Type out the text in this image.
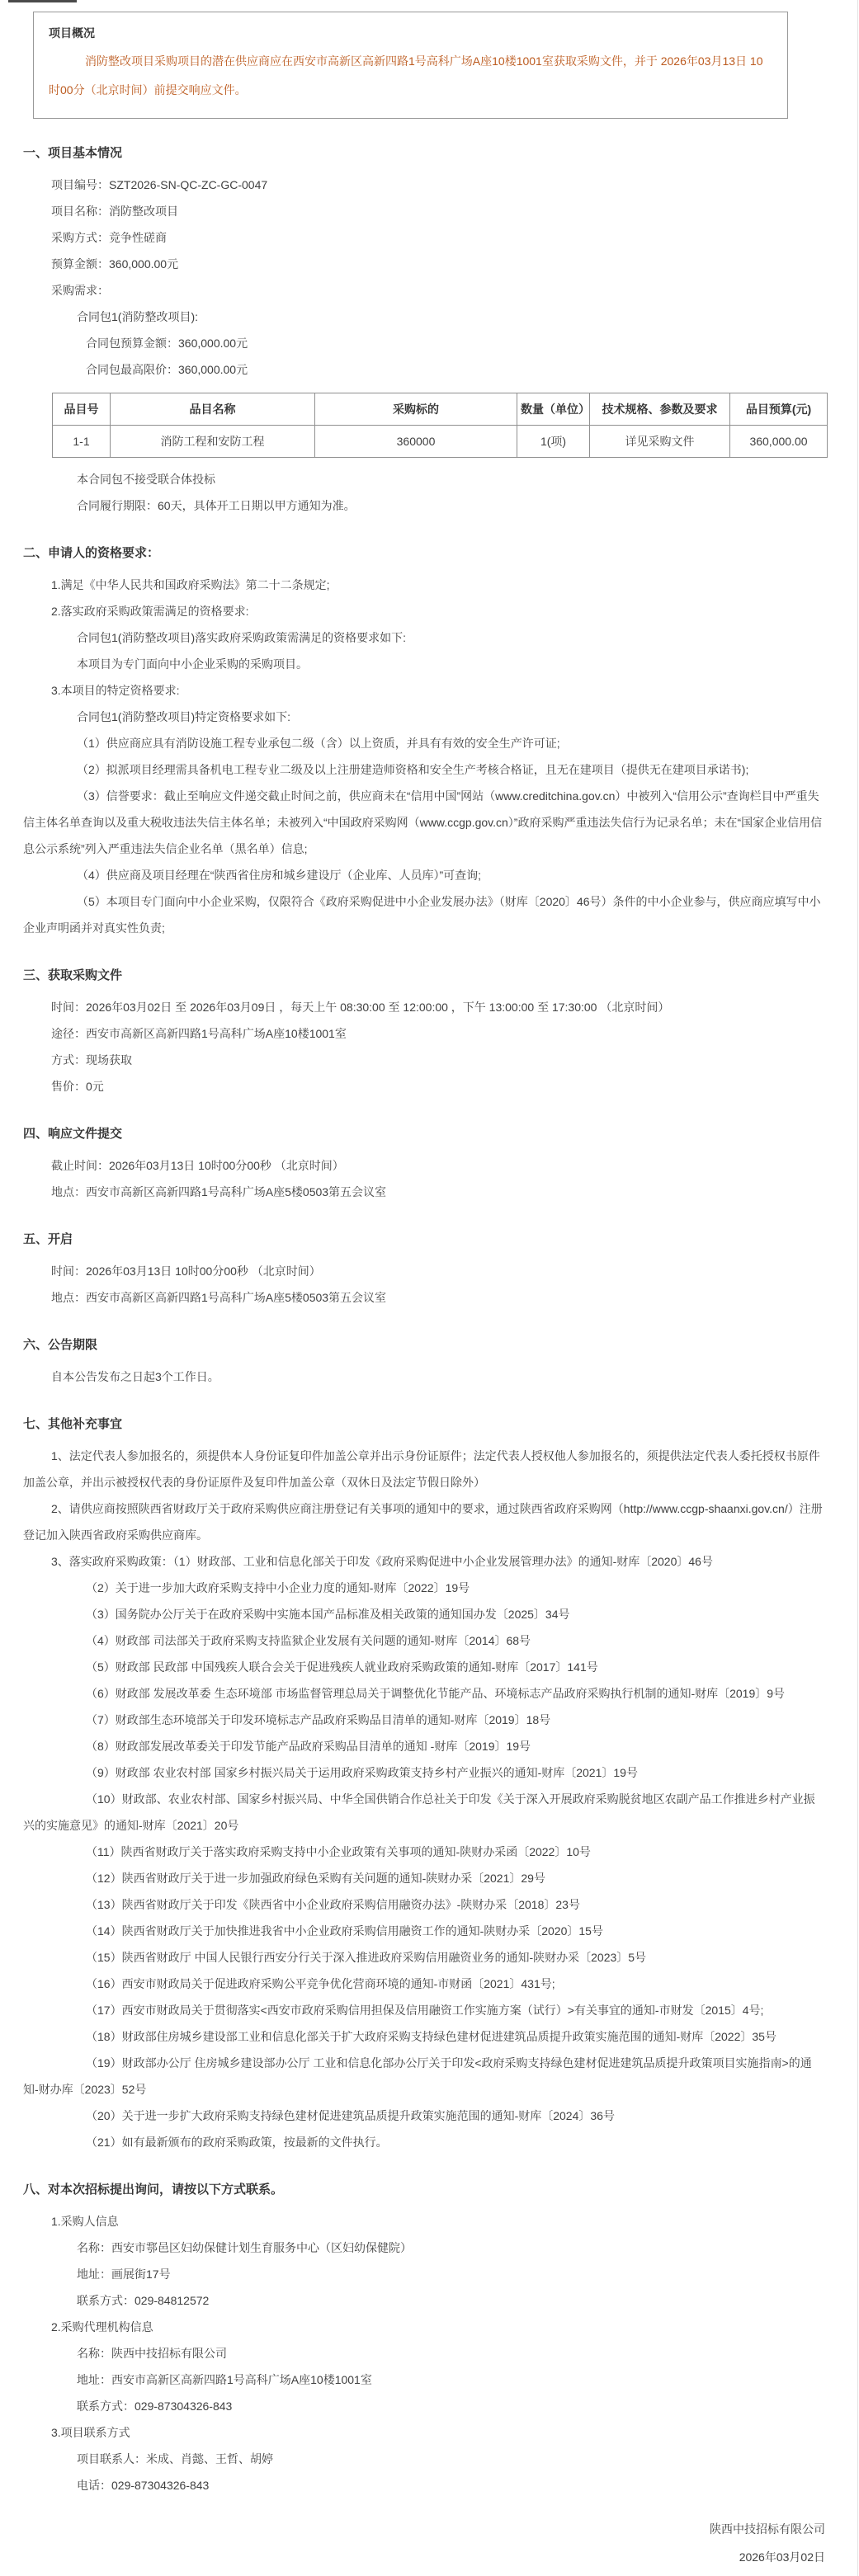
项目概况
消防整改项目采购项目的潜在供应商应在西安市高新区高新四路1号高科广场A座10楼1001室获取采购文件，并于 2026年03月13日 10时00分（北京时间）前提交响应文件。
一、项目基本情况
项目编号：SZT2026-SN-QC-ZC-GC-0047
项目名称：消防整改项目
采购方式：竞争性磋商
预算金额：360,000.00元
采购需求：
合同包1(消防整改项目):
合同包预算金额：360,000.00元
合同包最高限价：360,000.00元
品目号	品目名称	采购标的	数量（单位）	技术规格、参数及要求	品目预算(元)
1-1	消防工程和安防工程	360000	1(项)	详见采购文件	360,000.00
本合同包不接受联合体投标
合同履行期限：60天，具体开工日期以甲方通知为准。
二、申请人的资格要求：
1.满足《中华人民共和国政府采购法》第二十二条规定;
2.落实政府采购政策需满足的资格要求:
合同包1(消防整改项目)落实政府采购政策需满足的资格要求如下:
本项目为专门面向中小企业采购的采购项目。
3.本项目的特定资格要求:
合同包1(消防整改项目)特定资格要求如下:
（1）供应商应具有消防设施工程专业承包二级（含）以上资质，并具有有效的安全生产许可证;
（2）拟派项目经理需具备机电工程专业二级及以上注册建造师资格和安全生产考核合格证，且无在建项目（提供无在建项目承诺书);
（3）信誉要求：截止至响应文件递交截止时间之前，供应商未在“信用中国”网站（www.creditchina.gov.cn）中被列入“信用公示”查询栏目中严重失信主体名单查询以及重大税收违法失信主体名单；未被列入“中国政府采购网（www.ccgp.gov.cn）”政府采购严重违法失信行为记录名单；未在“国家企业信用信息公示系统”列入严重违法失信企业名单（黑名单）信息;
（4）供应商及项目经理在“陕西省住房和城乡建设厅（企业库、人员库）”可查询;
（5）本项目专门面向中小企业采购，仅限符合《政府采购促进中小企业发展办法》（财库〔2020〕46号）条件的中小企业参与，供应商应填写中小企业声明函并对真实性负责;
三、获取采购文件
时间：2026年03月02日 至 2026年03月09日 ，每天上午 08:30:00 至 12:00:00 ，下午 13:00:00 至 17:30:00 （北京时间）
途径：西安市高新区高新四路1号高科广场A座10楼1001室
方式：现场获取
售价：0元
四、响应文件提交
截止时间：2026年03月13日 10时00分00秒 （北京时间）
地点：西安市高新区高新四路1号高科广场A座5楼0503第五会议室
五、开启
时间：2026年03月13日 10时00分00秒 （北京时间）
地点：西安市高新区高新四路1号高科广场A座5楼0503第五会议室
六、公告期限
自本公告发布之日起3个工作日。
七、其他补充事宜
1、法定代表人参加报名的，须提供本人身份证复印件加盖公章并出示身份证原件；法定代表人授权他人参加报名的，须提供法定代表人委托授权书原件加盖公章，并出示被授权代表的身份证原件及复印件加盖公章（双休日及法定节假日除外）
2、请供应商按照陕西省财政厅关于政府采购供应商注册登记有关事项的通知中的要求，通过陕西省政府采购网（http://www.ccgp-shaanxi.gov.cn/）注册登记加入陕西省政府采购供应商库。
3、落实政府采购政策：（1）财政部、工业和信息化部关于印发《政府采购促进中小企业发展管理办法》的通知-财库〔2020〕46号
（2）关于进一步加大政府采购支持中小企业力度的通知-财库〔2022〕19号
（3）国务院办公厅关于在政府采购中实施本国产品标准及相关政策的通知国办发〔2025〕34号
（4）财政部 司法部关于政府采购支持监狱企业发展有关问题的通知-财库〔2014〕68号
（5）财政部 民政部 中国残疾人联合会关于促进残疾人就业政府采购政策的通知-财库〔2017〕141号
（6）财政部 发展改革委 生态环境部 市场监督管理总局关于调整优化节能产品、环境标志产品政府采购执行机制的通知-财库〔2019〕9号
（7）财政部生态环境部关于印发环境标志产品政府采购品目清单的通知-财库〔2019〕18号
（8）财政部发展改革委关于印发节能产品政府采购品目清单的通知 -财库〔2019〕19号
（9）财政部 农业农村部 国家乡村振兴局关于运用政府采购政策支持乡村产业振兴的通知-财库〔2021〕19号
（10）财政部、农业农村部、国家乡村振兴局、中华全国供销合作总社关于印发《关于深入开展政府采购脱贫地区农副产品工作推进乡村产业振兴的实施意见》的通知-财库〔2021〕20号
（11）陕西省财政厅关于落实政府采购支持中小企业政策有关事项的通知-陕财办采函〔2022〕10号
（12）陕西省财政厅关于进一步加强政府绿色采购有关问题的通知-陕财办采〔2021〕29号
（13）陕西省财政厅关于印发《陕西省中小企业政府采购信用融资办法》-陕财办采〔2018〕23号
（14）陕西省财政厅关于加快推进我省中小企业政府采购信用融资工作的通知-陕财办采〔2020〕15号
（15）陕西省财政厅 中国人民银行西安分行关于深入推进政府采购信用融资业务的通知-陕财办采〔2023〕5号
（16）西安市财政局关于促进政府采购公平竞争优化营商环境的通知-市财函〔2021〕431号;
（17）西安市财政局关于贯彻落实<西安市政府采购信用担保及信用融资工作实施方案（试行）>有关事宜的通知-市财发〔2015〕4号;
（18）财政部住房城乡建设部工业和信息化部关于扩大政府采购支持绿色建材促进建筑品质提升政策实施范围的通知-财库〔2022〕35号
（19）财政部办公厅 住房城乡建设部办公厅 工业和信息化部办公厅关于印发<政府采购支持绿色建材促进建筑品质提升政策项目实施指南>的通知-财办库〔2023〕52号
（20）关于进一步扩大政府采购支持绿色建材促进建筑品质提升政策实施范围的通知-财库〔2024〕36号
（21）如有最新颁布的政府采购政策，按最新的文件执行。
八、对本次招标提出询问，请按以下方式联系。
1.采购人信息
名称：西安市鄠邑区妇幼保健计划生育服务中心（区妇幼保健院）
地址：画展街17号
联系方式：029-84812572
2.采购代理机构信息
名称：陕西中技招标有限公司
地址：西安市高新区高新四路1号高科广场A座10楼1001室
联系方式：029-87304326-843
3.项目联系方式
项目联系人：米成、肖懿、王哲、胡婷
电话：029-87304326-843
陕西中技招标有限公司
2026年03月02日
